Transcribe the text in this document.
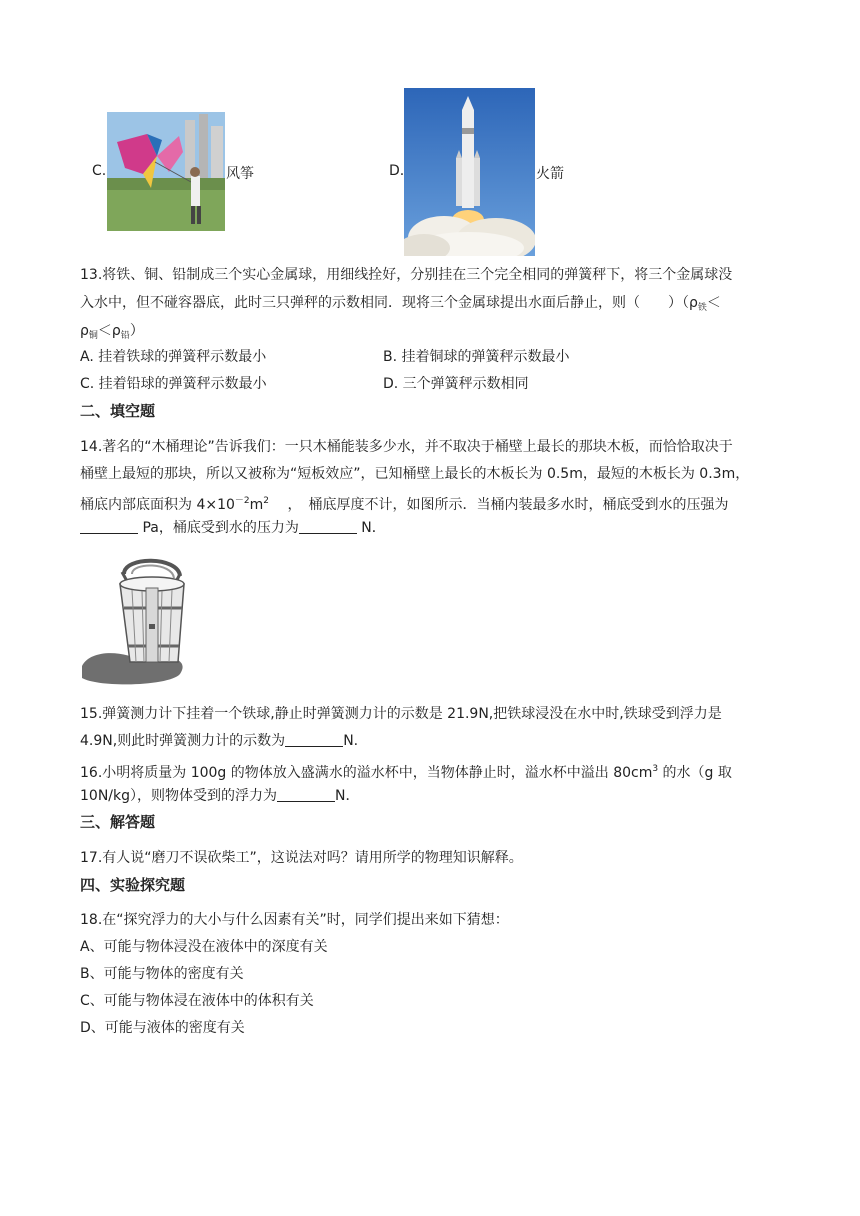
C.	风筝	D.	火箭
13.将铁、铜、铅制成三个实心金属球，用细线拴好，分别挂在三个完全相同的弹簧秤下，将三个金属球没
入水中，但不碰容器底，此时三只弹秤的示数相同．现将三个金属球提出水面后静止，则（　　）（$\rho_铁<$
$\rho_铜<\rho_铅$）
A. 挂着铁球的弹簧秤示数最小	B. 挂着铜球的弹簧秤示数最小
C. 挂着铅球的弹簧秤示数最小	D. 三个弹簧秤示数相同
二、填空题
14.著名的“木桶理论”告诉我们：一只木桶能装多少水，并不取决于桶壁上最长的那块木板，而恰恰取决于
桶壁上最短的那块，所以又被称为“短板效应”，已知桶壁上最长的木板长为 0.5m，最短的木板长为 0.3m，
桶底内部底面积为 $4\times 10^{-2}m^2$ 　，　桶底厚度不计，如图所示．当桶内装最多水时，桶底受到水的压强为
Pa，桶底受到水的压力为	N．
15.弹簧测力计下挂着一个铁球,静止时弹簧测力计的示数是 21.9N,把铁球浸没在水中时,铁球受到浮力是
4.9N,则此时弹簧测力计的示数为	N.
16.小明将质量为 100g 的物体放入盛满水的溢水杯中，当物体静止时，溢水杯中溢出 $80cm^3$ 的水（g 取
10N/kg），则物体受到的浮力为	N．
三、解答题
17.有人说“磨刀不误砍柴工”，这说法对吗？请用所学的物理知识解释。
四、实验探究题
18.在“探究浮力的大小与什么因素有关”时，同学们提出来如下猜想：
A、可能与物体浸没在液体中的深度有关
B、可能与物体的密度有关
C、可能与物体浸在液体中的体积有关
D、可能与液体的密度有关
